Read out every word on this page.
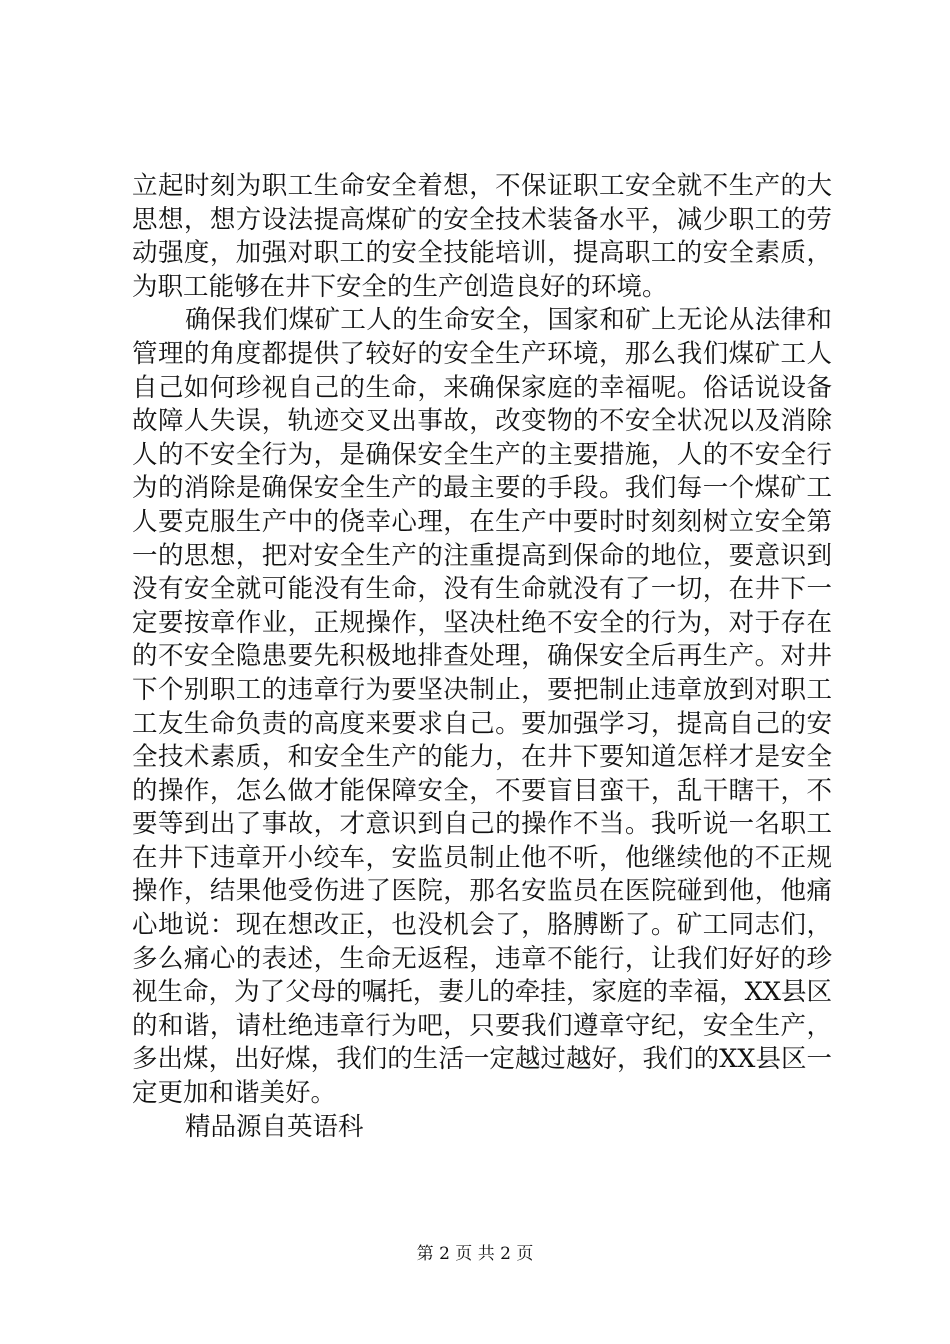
立起时刻为职工生命安全着想，不保证职工安全就不生产的大
思想，想方设法提高煤矿的安全技术装备水平，减少职工的劳
动强度，加强对职工的安全技能培训，提高职工的安全素质，
为职工能够在井下安全的生产创造良好的环境。
确保我们煤矿工人的生命安全，国家和矿上无论从法律和
管理的角度都提供了较好的安全生产环境，那么我们煤矿工人
自己如何珍视自己的生命，来确保家庭的幸福呢。俗话说设备
故障人失误，轨迹交叉出事故，改变物的不安全状况以及消除
人的不安全行为，是确保安全生产的主要措施，人的不安全行
为的消除是确保安全生产的最主要的手段。我们每一个煤矿工
人要克服生产中的侥幸心理，在生产中要时时刻刻树立安全第
一的思想，把对安全生产的注重提高到保命的地位，要意识到
没有安全就可能没有生命，没有生命就没有了一切，在井下一
定要按章作业，正规操作，坚决杜绝不安全的行为，对于存在
的不安全隐患要先积极地排查处理，确保安全后再生产。对井
下个别职工的违章行为要坚决制止，要把制止违章放到对职工
工友生命负责的高度来要求自己。要加强学习，提高自己的安
全技术素质，和安全生产的能力，在井下要知道怎样才是安全
的操作，怎么做才能保障安全，不要盲目蛮干，乱干瞎干，不
要等到出了事故，才意识到自己的操作不当。我听说一名职工
在井下违章开小绞车，安监员制止他不听，他继续他的不正规
操作，结果他受伤进了医院，那名安监员在医院碰到他，他痛
心地说：现在想改正，也没机会了，胳膊断了。矿工同志们，
多么痛心的表述，生命无返程，违章不能行，让我们好好的珍
视生命，为了父母的嘱托，妻儿的牵挂，家庭的幸福，XX县区
的和谐，请杜绝违章行为吧，只要我们遵章守纪，安全生产，
多出煤，出好煤，我们的生活一定越过越好，我们的XX县区一
定更加和谐美好。
精品源自英语科
第 2 页 共 2 页
